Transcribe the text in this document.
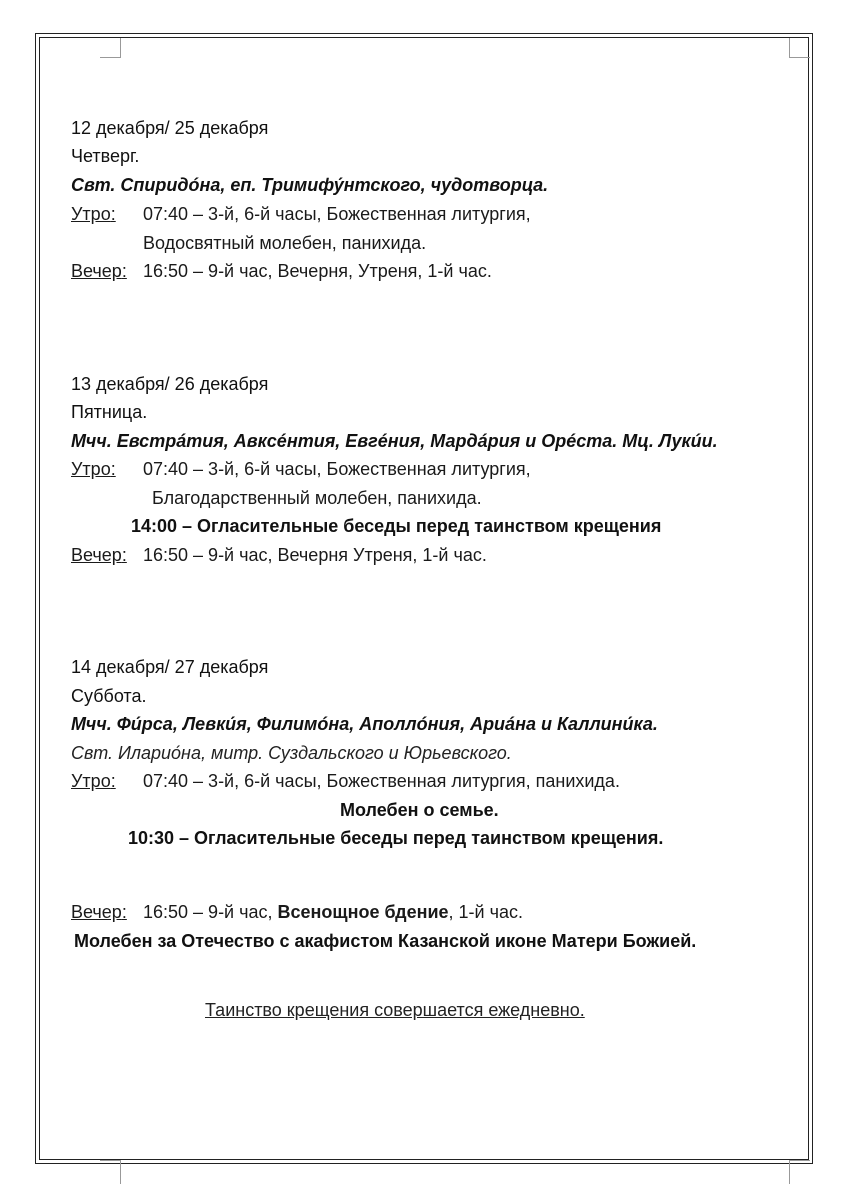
12 декабря/ 25 декабря
Четверг.
Свт. Спиридóна, еп. Тримифу́нтского, чудотворца.
Утро: 07:40 – 3-й, 6-й часы, Божественная литургия,
Водосвятный молебен, панихида.
Вечер: 16:50 – 9-й час, Вечерня, Утреня, 1-й час.
13 декабря/ 26 декабря
Пятница.
Мчч. Евстрáтия, Авксéнтия, Евгéния, Мардáрия и Орéста. Мц. Лукúи.
Утро: 07:40 – 3-й, 6-й часы, Божественная литургия,
Благодарственный молебен, панихида.
14:00 – Огласительные беседы перед таинством крещения
Вечер: 16:50 – 9-й час, Вечерня Утреня, 1-й час.
14 декабря/ 27 декабря
Суббота.
Мчч. Фи́рса, Левки́я, Филимóна, Аполлóния, Ариáна и Каллини́ка.
Свт. Иларио́на, митр. Суздальского и Юрьевского.
Утро: 07:40 – 3-й, 6-й часы, Божественная литургия, панихида.
Молебен о семье.
10:30 – Огласительные беседы перед таинством крещения.
Вечер: 16:50 – 9-й час, Всенощное бдение, 1-й час.
Молебен за Отечество с акафистом Казанской иконе Матери Божией.
Таинство крещения совершается ежедневно.
